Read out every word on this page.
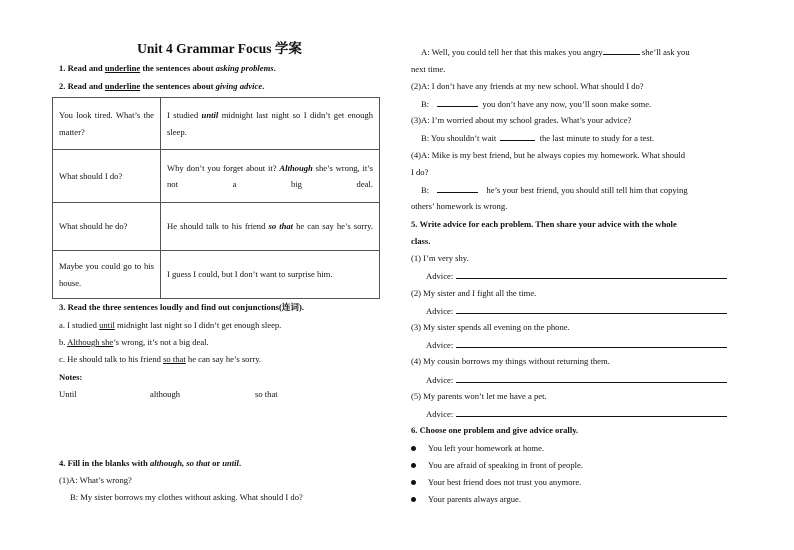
Unit 4 Grammar Focus 学案
1. Read and underline the sentences about asking problems.
2. Read and underline the sentences about giving advice.
You look tired. What’s the matter?	I studied until midnight last night so I didn’t get enough sleep.
What should I do?	Why don’t you forget about it? Although she’s wrong, it’s not a big deal.
What should he do?	He should talk to his friend so that he can say he’s sorry.
Maybe you could go to his house.	I guess I could, but I don’t want to surprise him.
3. Read the three sentences loudly and find out conjunctions(连词).
a. I studied until midnight last night so I didn’t get enough sleep.
b. Although she’s wrong, it’s not a big deal.
c. He should talk to his friend so that he can say he’s sorry.
Notes:
Until	although	so that
4. Fill in the blanks with although, so that or until.
(1)A: What’s wrong?
B: My sister borrows my clothes without asking. What should I do?
A: Well, you could tell her that this makes you angry	she’ll ask you
next time.
(2)A: I don’t have any friends at my new school. What should I do?
B:	you don’t have any now, you’ll soon make some.
(3)A: I’m worried about my school grades. What’s your advice?
B: You shouldn’t wait	the last minute to study for a test.
(4)A: Mike is my best friend, but he always copies my homework. What should
I do?
B:	he’s your best friend, you should still tell him that copying
others’ homework is wrong.
5. Write advice for each problem. Then share your advice with the whole
class.
(1) I’m very shy.
Advice:
(2) My sister and I fight all the time.
Advice:
(3) My sister spends all evening on the phone.
Advice:
(4) My cousin borrows my things without returning them.
Advice:
(5) My parents won’t let me have a pet.
Advice:
6. Choose one problem and give advice orally.
You left your homework at home.
You are afraid of speaking in front of people.
Your best friend does not trust you anymore.
Your parents always argue.
